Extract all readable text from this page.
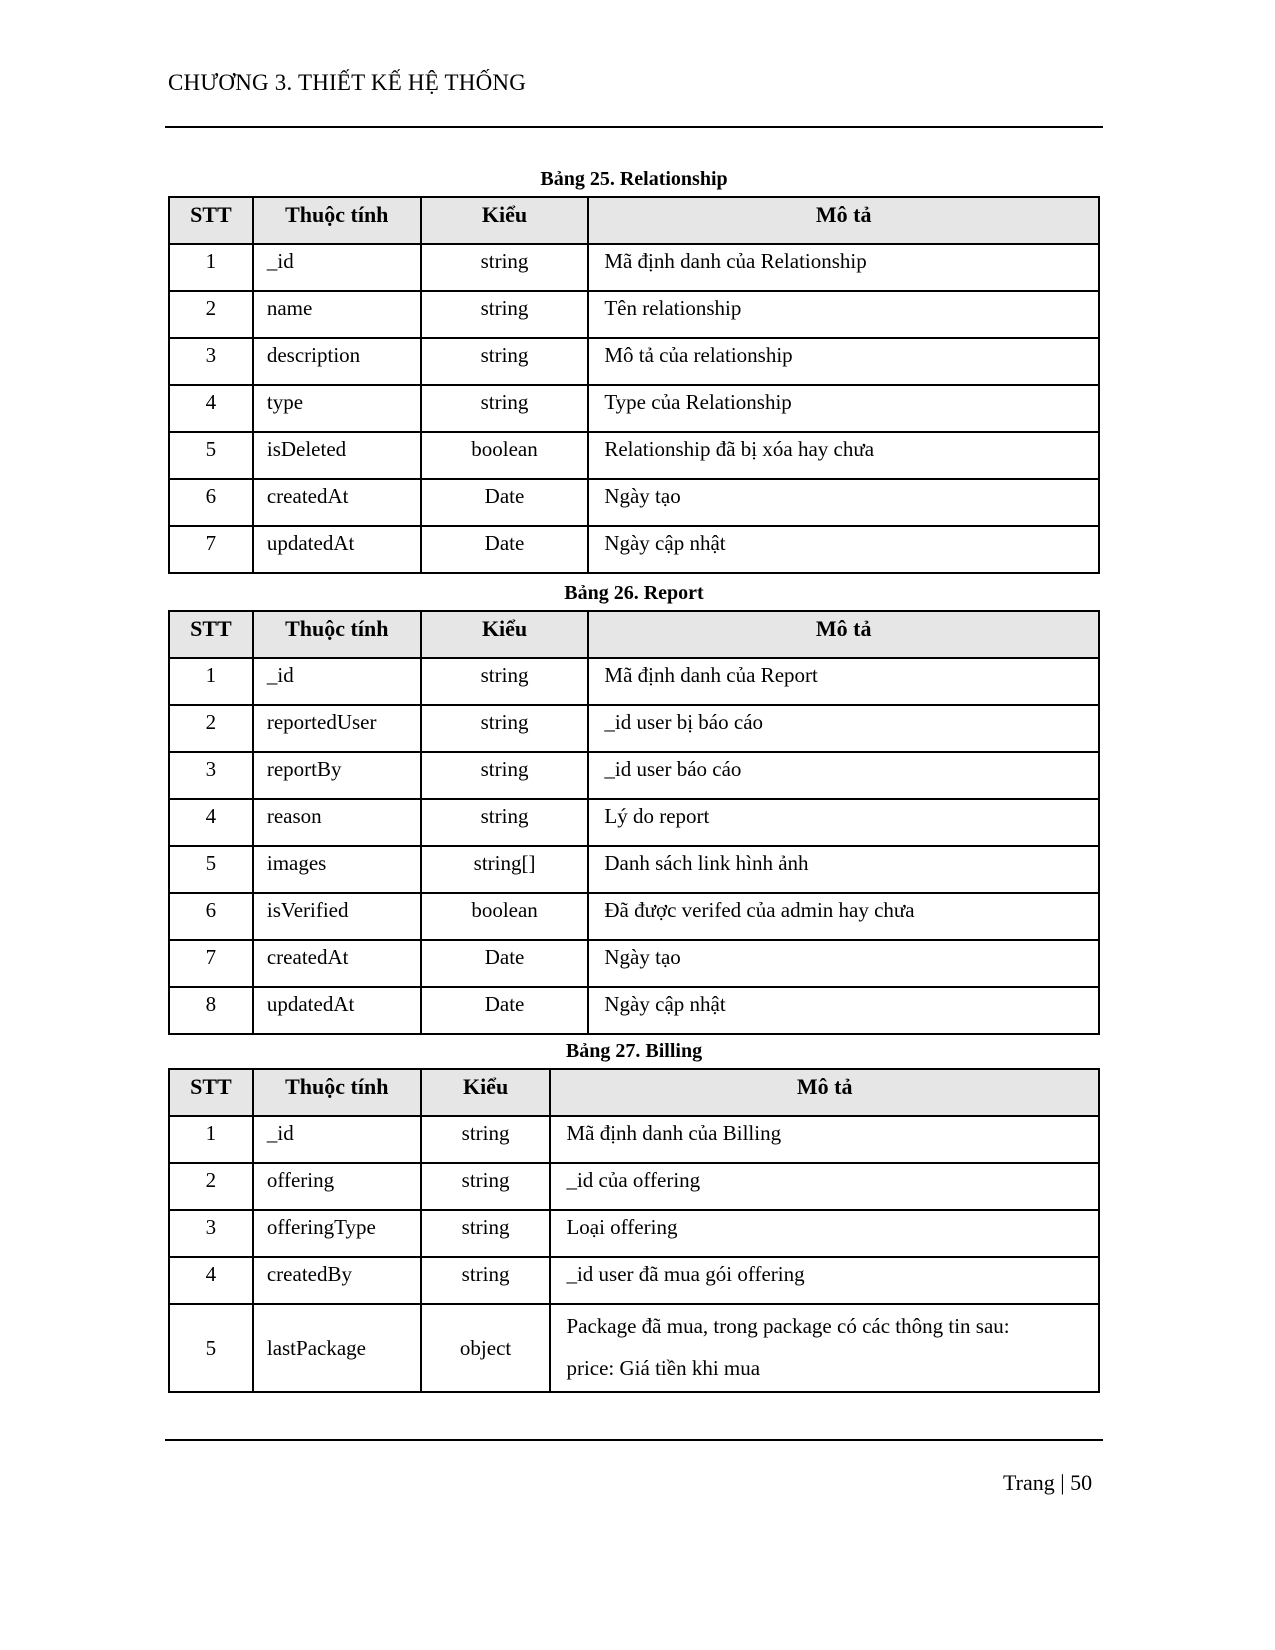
CHƯƠNG 3. THIẾT KẾ HỆ THỐNG
Bảng 25. Relationship
STT	Thuộc tính	Kiểu	Mô tả
1	_id	string	Mã định danh của Relationship
2	name	string	Tên relationship
3	description	string	Mô tả của relationship
4	type	string	Type của Relationship
5	isDeleted	boolean	Relationship đã bị xóa hay chưa
6	createdAt	Date	Ngày tạo
7	updatedAt	Date	Ngày cập nhật
Bảng 26. Report
STT	Thuộc tính	Kiểu	Mô tả
1	_id	string	Mã định danh của Report
2	reportedUser	string	_id user bị báo cáo
3	reportBy	string	_id user báo cáo
4	reason	string	Lý do report
5	images	string[]	Danh sách link hình ảnh
6	isVerified	boolean	Đã được verifed của admin hay chưa
7	createdAt	Date	Ngày tạo
8	updatedAt	Date	Ngày cập nhật
Bảng 27. Billing
STT	Thuộc tính	Kiểu	Mô tả
1	_id	string	Mã định danh của Billing
2	offering	string	_id của offering
3	offeringType	string	Loại offering
4	createdBy	string	_id user đã mua gói offering
5	lastPackage	object	Package đã mua, trong package có các thông tin sau:
price: Giá tiền khi mua
Trang | 50
